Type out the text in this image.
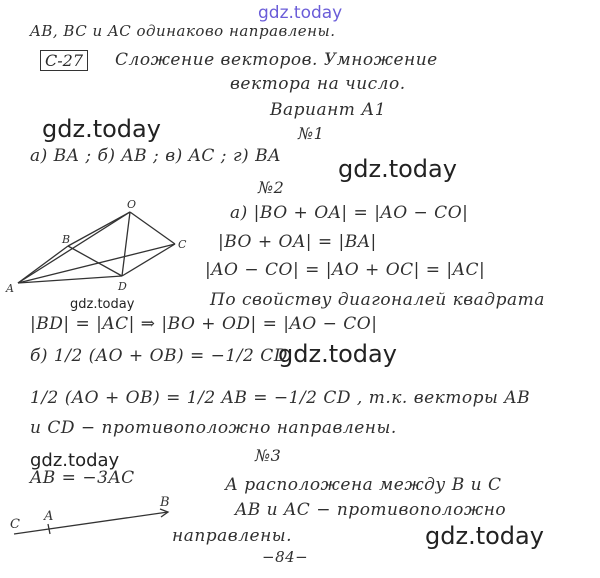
gdz.today
gdz.today
gdz.today
gdz.today
gdz.today
gdz.today
gdz.today
AB, BC и AC одинаково направлены.
C-27 Сложение векторов. Умножение
вектора на число.
Вариант А1
№1
а) BA ; б) AB ; в) AC ; г) BA
№2
а) |BO + OA| = |AO − CO|
|BO + OA| = |BA|
|AO − CO| = |AO + OC| = |AC|
По свойству диагоналей квадрата
|BD| = |AC| ⇒ |BO + OD| = |AO − CO|
б) 1/2 (AO + OB) = −1/2 CD
1/2 (AO + OB) = 1/2 AB = −1/2 CD , т.к. векторы AB
и CD − противоположно направлены.
№3
AB = −3AC	А расположена между В и С
AB и AC − противоположно
направлены.
−84−
O
B	C
A	D
C
A
B
